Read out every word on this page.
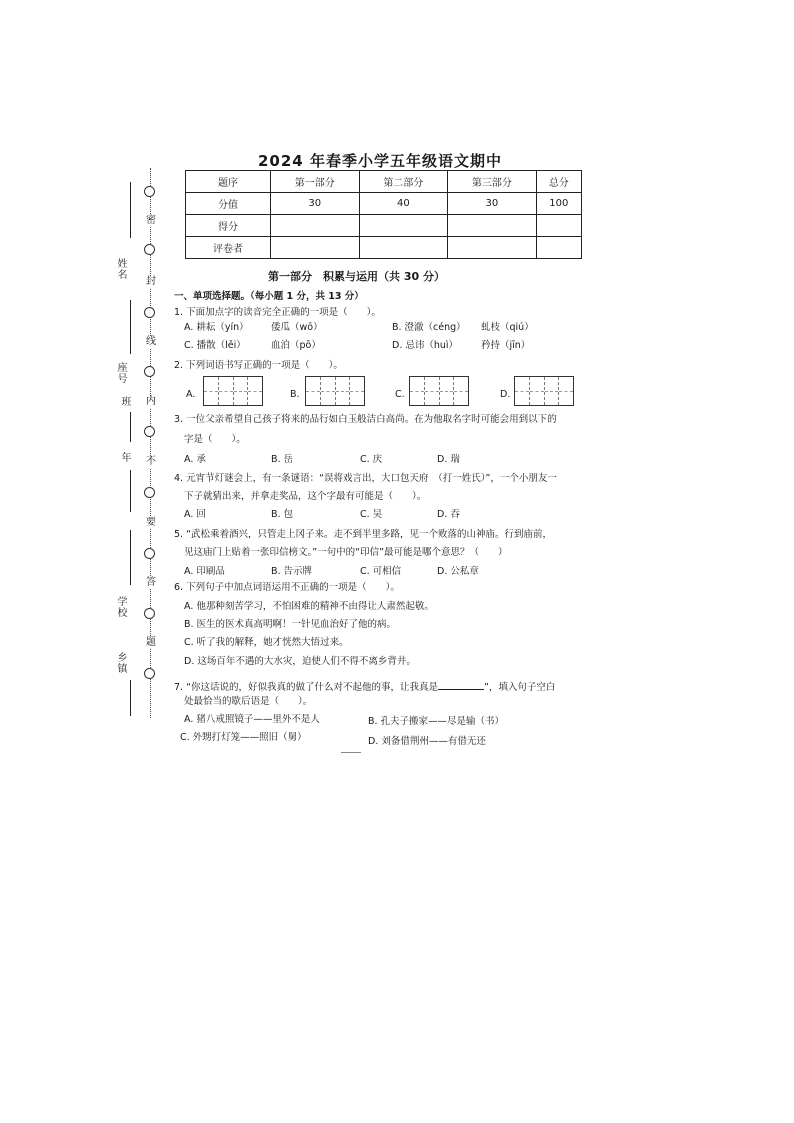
密
封
线
内
不
要
答
题
姓名
座号
年
班
学校
乡镇
2024 年春季小学五年级语文期中
题序	第一部分	第二部分	第三部分	总分
分值	30	40	30	100
得分				
评卷者				
第一部分　积累与运用（共 30 分）
一、单项选择题。（每小题 1 分，共 13 分）
1. 下面加点字的读音完全正确的一项是（　　）。
A. 耕耘（yín） 倭瓜（wō）	B. 澄澈（céng） 虬枝（qiú）
C. 播散（lěi）	血泊（pō）	D. 忌讳（huì） 矜持（jīn）
2. 下列词语书写正确的一项是（　　）。
A.	B.	C.	D.
3. 一位父亲希望自己孩子将来的品行如白玉般洁白高尚。在为他取名字时可能会用到以下的
字是（　　）。
A. 承	B. 岳	C. 庆	D. 瑞
4. 元宵节灯谜会上，有一条谜语：“误将戏言出，大口包天府　（打一姓氏）”，一个小朋友一
下子就猜出来，并拿走奖品，这个字最有可能是（　　）。
A. 回	B. 包	C. 吴	D. 吞
5. “武松乘着酒兴，只管走上冈子来。走不到半里多路，见一个败落的山神庙。行到庙前，
见这庙门上贴着一张印信榜文。”一句中的“印信”最可能是哪个意思？（　　）
A. 印刷品	B. 告示牌	C. 可相信	D. 公私章
6. 下列句子中加点词语运用不正确的一项是（　　）。
A. 他那种刻苦学习，不怕困难的精神不由得让人肃然起敬。
B. 医生的医术真高明啊！一针见血治好了他的病。
C. 听了我的解释，她才恍然大悟过来。
D. 这场百年不遇的大水灾，迫使人们不得不离乡背井。
7. “你这话说的，好似我真的做了什么对不起他的事，让我真是	”，填入句子空白
处最恰当的歇后语是（　　）。
A. 猪八戒照镜子——里外不是人	B. 孔夫子搬家——尽是输（书）
C. 外甥打灯笼——照旧（舅）	D. 刘备借荆州——有借无还
